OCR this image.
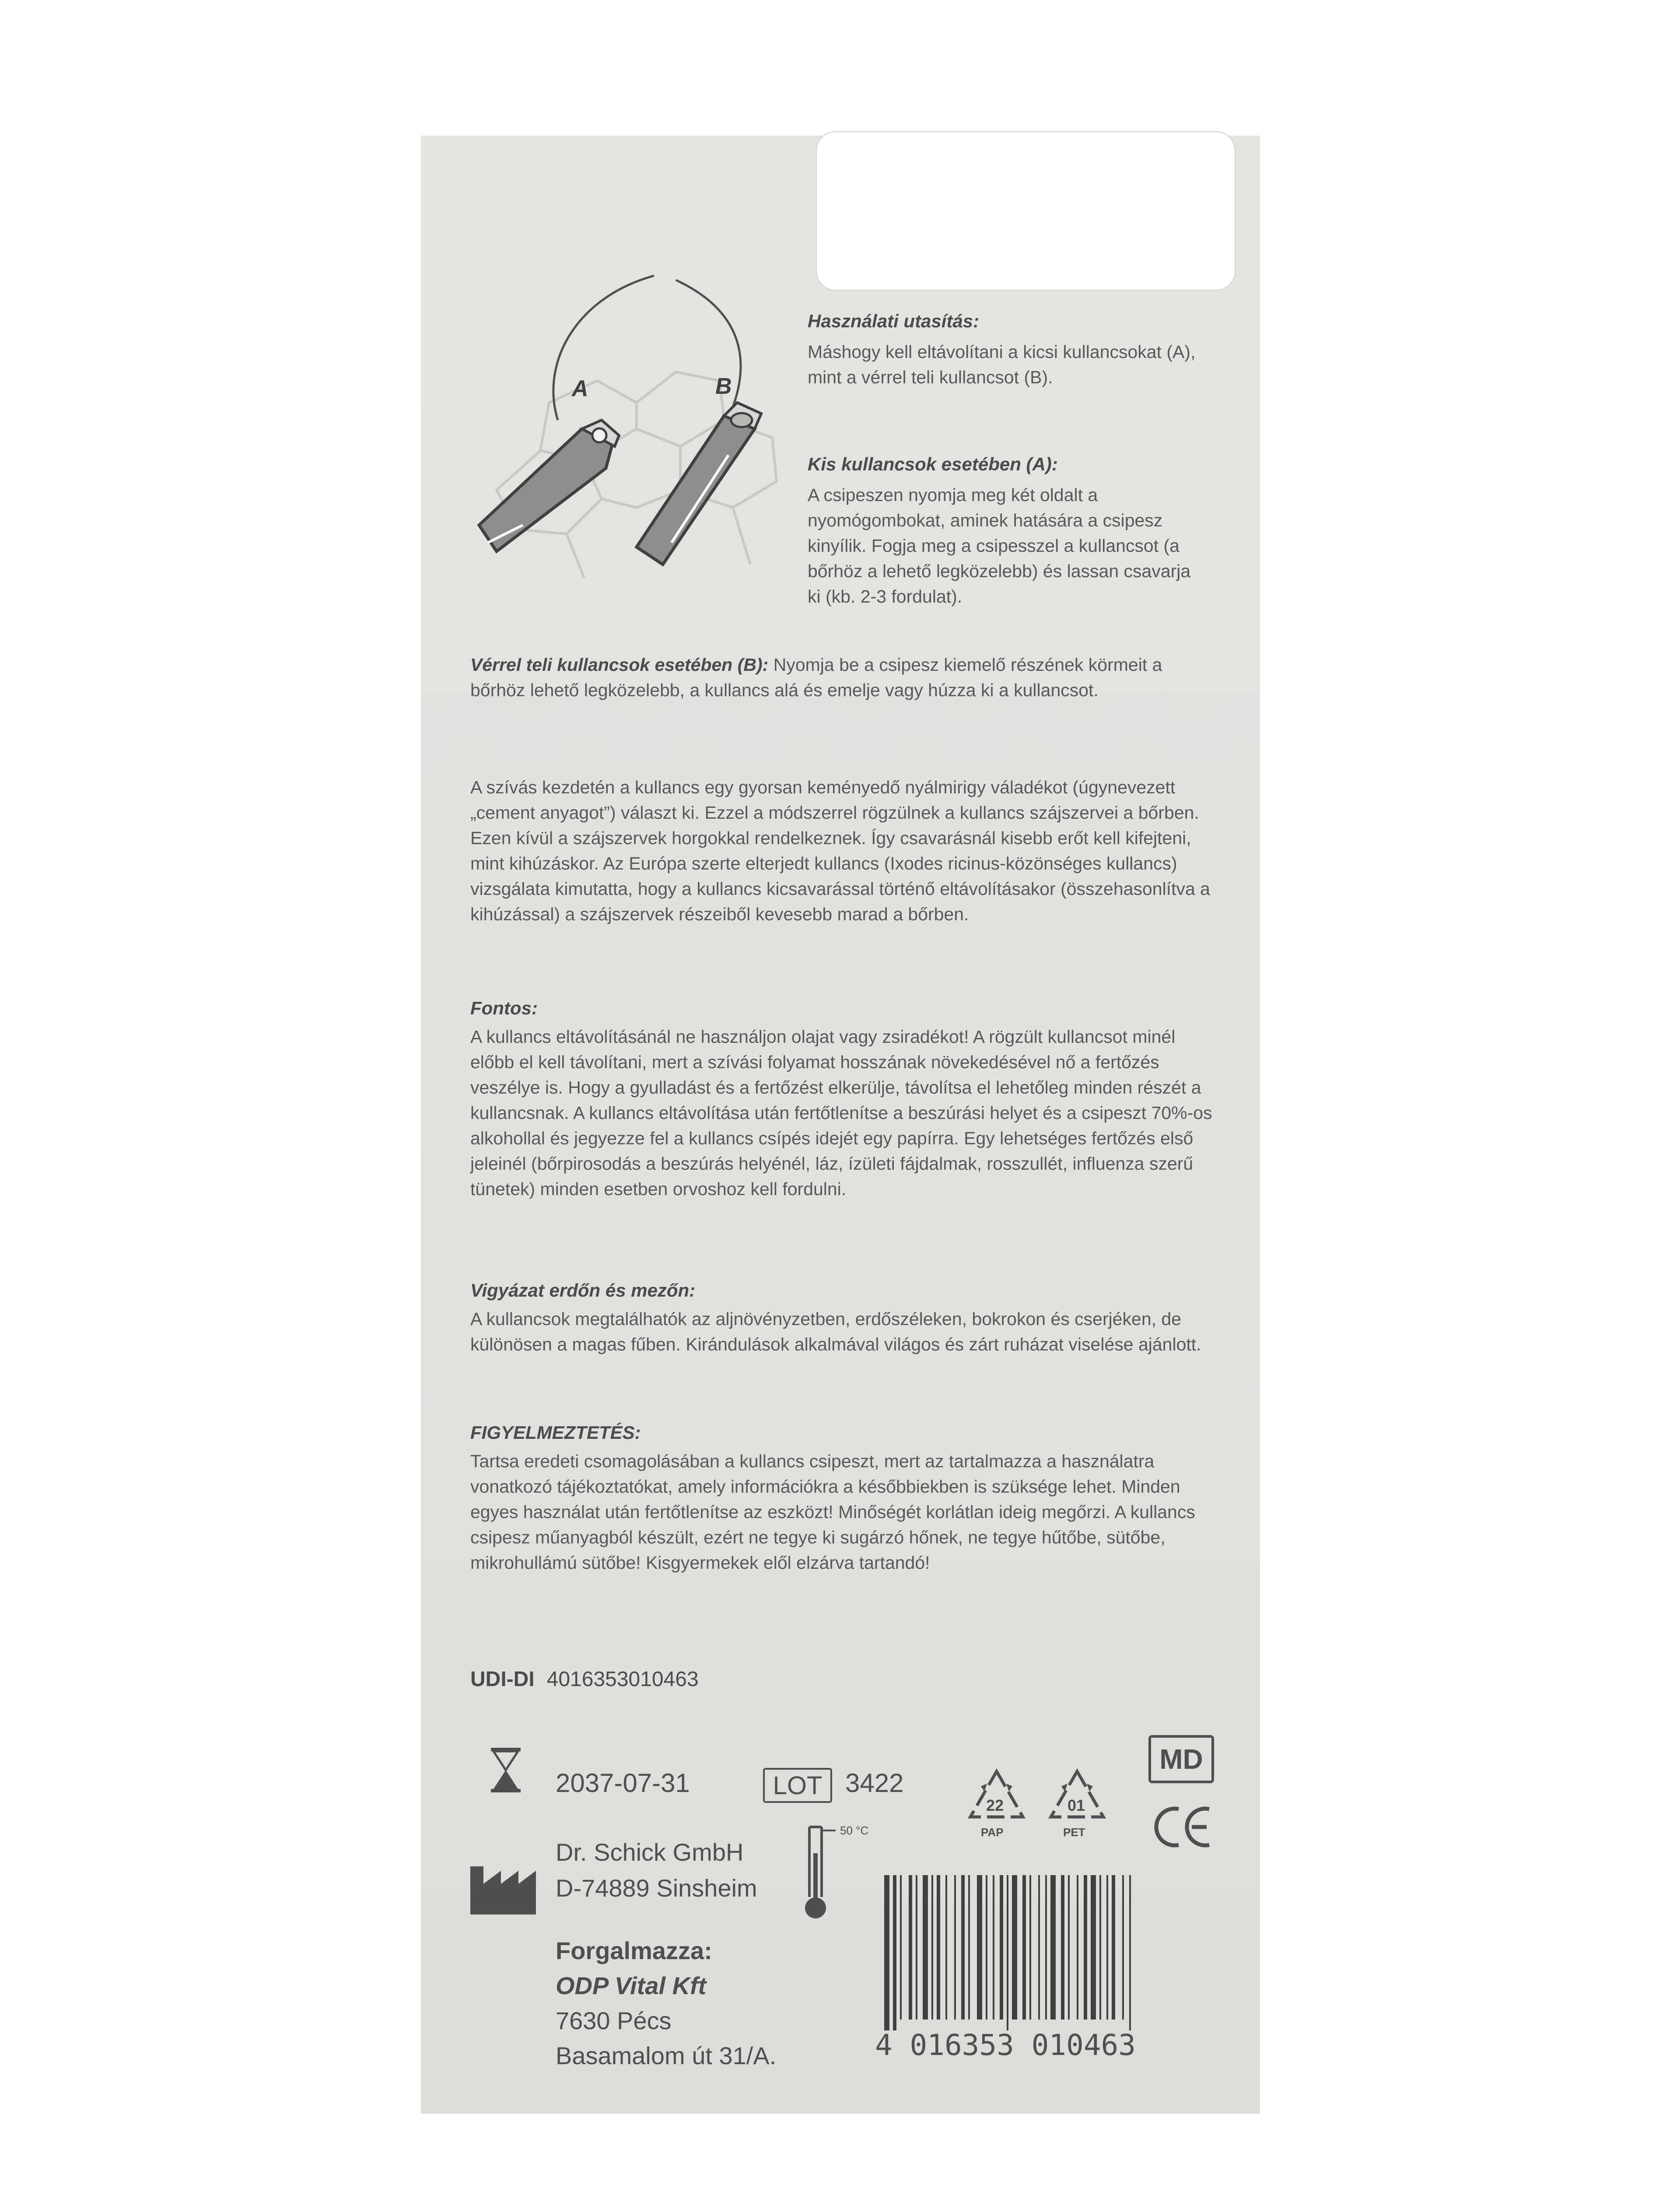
A	B

Használati utasítás:

Máshogy kell eltávolítani a kicsi kullancsokat (A), mint a vérrel teli kullancsot (B).

Kis kullancsok esetében (A):

A csipeszen nyomja meg két oldalt a nyomógombokat, aminek hatására a csipesz kinyílik. Fogja meg a csipesszel a kullancsot (a bőrhöz a lehető legközelebb) és lassan csavarja ki (kb. 2-3 fordulat).

Vérrel teli kullancsok esetében (B): Nyomja be a csipesz kiemelő részének körmeit a bőrhöz lehető legközelebb, a kullancs alá és emelje vagy húzza ki a kullancsot.

A szívás kezdetén a kullancs egy gyorsan keményedő nyálmirigy váladékot (úgynevezett „cement anyagot”) választ ki. Ezzel a módszerrel rögzülnek a kullancs szájszervei a bőrben. Ezen kívül a szájszervek horgokkal rendelkeznek. Így csavarásnál kisebb erőt kell kifejteni, mint kihúzáskor. Az Európa szerte elterjedt kullancs (Ixodes ricinus-közönséges kullancs) vizsgálata kimutatta, hogy a kullancs kicsavarással történő eltávolításakor (összehasonlítva a kihúzással) a szájszervek részeiből kevesebb marad a bőrben.

Fontos:

A kullancs eltávolításánál ne használjon olajat vagy zsiradékot! A rögzült kullancsot minél előbb el kell távolítani, mert a szívási folyamat hosszának növekedésével nő a fertőzés veszélye is. Hogy a gyulladást és a fertőzést elkerülje, távolítsa el lehetőleg minden részét a kullancsnak. A kullancs eltávolítása után fertőtlenítse a beszúrási helyet és a csipeszt 70%-os alkohollal és jegyezze fel a kullancs csípés idejét egy papírra. Egy lehetséges fertőzés első jeleinél (bőrpirosodás a beszúrás helyénél, láz, ízületi fájdalmak, rosszullét, influenza szerű tünetek) minden esetben orvoshoz kell fordulni.

Vigyázat erdőn és mezőn:

A kullancsok megtalálhatók az aljnövényzetben, erdőszéleken, bokrokon és cserjéken, de különösen a magas fűben. Kirándulások alkalmával világos és zárt ruházat viselése ajánlott.

FIGYELMEZTETÉS:

Tartsa eredeti csomagolásában a kullancs csipeszt, mert az tartalmazza a használatra vonatkozó tájékoztatókat, amely információkra a későbbiekben is szüksége lehet. Minden egyes használat után fertőtlenítse az eszközt! Minőségét korlátlan ideig megőrzi. A kullancs csipesz műanyagból készült, ezért ne tegye ki sugárzó hőnek, ne tegye hűtőbe, sütőbe, mikrohullámú sütőbe! Kisgyermekek elől elzárva tartandó!

UDI-DI 4016353010463
2037-07-31	LOT 3422
22
PAP
01
PET
MD
Dr. Schick GmbH
D-74889 Sinsheim
50 °C
Forgalmazza:
ODP Vital Kft
7630 Pécs
Basamalom út 31/A.	4 016353 010463
